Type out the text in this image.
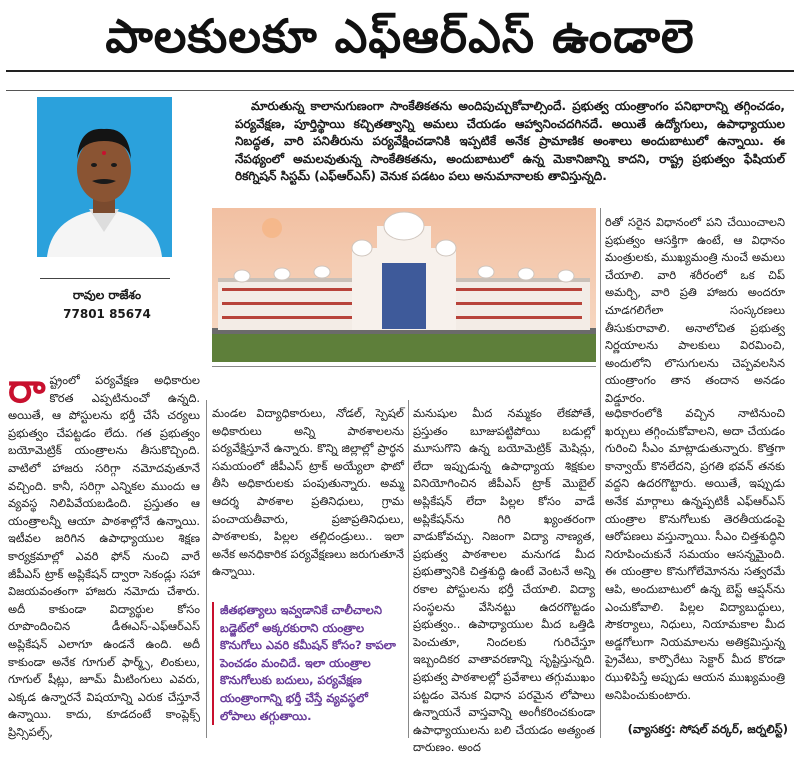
పాలకులకూ ఎఫ్‌ఆర్‌ఎస్ ఉండాలె
రావుల రాజేశం
77801 85674
మారుతున్న కాలానుగుణంగా సాంకేతికతను అందిపుచ్చుకోవాల్సిందే. ప్రభుత్వ యంత్రాంగం పనిభారాన్ని తగ్గించడం, పర్యవేక్షణ, పూర్తిస్థాయి కచ్చితత్వాన్ని అమలు చేయడం ఆహ్వానించదగినదే. అయితే ఉద్యోగులు, ఉపాధ్యాయుల నిబద్ధత, వారి పనితీరును పర్యవేక్షించడానికి ఇప్పటికే అనేక ప్రామాణిక అంశాలు అందుబాటులో ఉన్నాయి. ఈ నేపథ్యంలో అమలవుతున్న సాంకేతికతను, అందుబాటులో ఉన్న మెకానిజాన్ని కాదని, రాష్ట్ర ప్రభుత్వం ఫేషియల్ రికగ్నిషన్ సిస్టమ్ (ఎఫ్‌ఆర్‌ఎస్) వెనుక పడటం పలు అనుమానాలకు తావిస్తున్నది.
రా ష్ట్రంలో పర్యవేక్షణ అధికారుల కొరత ఎప్పటినుంచో ఉన్నది. అయితే, ఆ పోస్టులను భర్తీ చేసే చర్యలు ప్రభుత్వం చేపట్టడం లేదు. గత ప్రభుత్వం బయోమెట్రిక్ యంత్రాలను తీసుకొచ్చింది. వాటిలో హాజరు సరిగ్గా నమోదవుతూనే వచ్చింది. కానీ, సరిగ్గా ఎన్నికల ముందు ఆ వ్యవస్థ నిలిపివేయబడింది. ప్రస్తుతం ఆ యంత్రాలన్నీ ఆయా పాఠశాల్లోనే ఉన్నాయి. ఇటీవల జరిగిన ఉపాధ్యాయుల శిక్షణ కార్యక్రమాల్లో ఎవరి ఫోన్ నుంచి వారే జీపీఎస్ ట్రాక్ అప్లికేషన్ ద్వారా సెకండ్లు సహా విజయవంతంగా హాజరు నమోదు చేశారు. అదీ కాకుండా విద్యార్థుల కోసం రూపొందించిన డీఈఎస్-ఎఫ్‌ఆర్‌ఎస్ అప్లికేషన్ ఎలాగూ ఉండనే ఉంది. అదీ కాకుండా అనేక గూగుల్ ఫార్మ్స్, లింకులు, గూగుల్ షీట్లు, జూమ్ మీటింగులు ఎవరు, ఎక్కడ ఉన్నారనే విషయాన్ని ఎరుక చేస్తూనే ఉన్నాయి. కాదు, కూడదంటే కాంప్లెక్స్ ప్రిన్సిపల్స్,
మండల విద్యాధికారులు, నోడల్, స్పెషల్ అధికారులు అన్ని పాఠశాలలను పర్యవేక్షిస్తూనే ఉన్నారు. కొన్ని జిల్లాల్లో ప్రార్థన సమయంలో జీపీఎస్ ట్రాక్ అయ్యేలా ఫొటో తీసి అధికారులకు పంపుతున్నారు. అమ్మ ఆదర్శ పాఠశాల ప్రతినిధులు, గ్రామ పంచాయతీవారు, ప్రజాప్రతినిధులు, పాఠశాలకు, పిల్లల తల్లిదండ్రులు.. ఇలా అనేక అనధికారిక పర్యవేక్షణలు జరుగుతూనే ఉన్నాయి.
జీతభత్యాలు ఇవ్వడానికే చాలీచాలని బడ్జెట్‌లో అక్కరకురాని యంత్రాల కొనుగోలు ఎవరి కమీషన్ కోసం? కాపలా పెంచడం మంచిదే. ఇలా యంత్రాల కొనుగోలుకు బదులు, పర్యవేక్షణ యంత్రాంగాన్ని భర్తీ చేస్తే వ్యవస్థలో లోపాలు తగ్గుతాయి.
మనుషుల మీద నమ్మకం లేకపోతే, ప్రస్తుతం బూజుపట్టిపోయి బడుల్లో మూసుగొని ఉన్న బయోమెట్రిక్ మెషిన్లు, లేదా ఇప్పుడున్న ఉపాధ్యాయ శిక్షకుల వినియోగించిన జీపీఎస్ ట్రాక్ మొబైల్ అప్లికేషన్ లేదా పిల్లల కోసం వాడే అప్లికేషన్‌ను గిరి ఖ్యంతరంగా వాడుకోవచ్చు. నిజంగా విద్యా నాణ్యత, ప్రభుత్వ పాఠశాలల మనుగడ మీద ప్రభుత్వానికి చిత్తశుద్ధి ఉంటే వెంటనే అన్ని రకాల పోస్టులను భర్తీ చేయాలి. విద్యా సంస్థలను వేసినట్టు ఉదరగొట్టడం ప్రభుత్వం.. ఉపాధ్యాయుల మీద ఒత్తిడి పెంచుతూ, నిందలకు గురిచేస్తూ ఇబ్బందికర వాతావరణాన్ని సృష్టిస్తున్నది. ప్రభుత్వ పాఠశాలల్లో ప్రవేశాలు తగ్గుముఖం పట్టడం వెనుక విధాన పరమైన లోపాలు ఉన్నాయనే వాస్తవాన్ని అంగీకరించకుండా ఉపాధ్యాయులను బలి చేయడం అత్యంత దారుణం. అంద
రితో సరైన విధానంలో పని చేయించాలని ప్రభుత్వం ఆసక్తిగా ఉంటే, ఆ విధానం మంత్రులకు, ముఖ్యమంత్రి నుంచే అమలు చేయాలి. వారి శరీరంలో ఒక చిప్ అమర్చి, వారి ప్రతి హాజరు అందరూ చూడగలిగేలా సంస్కరణలు తీసుకురావాలి. అనాలోచిత ప్రభుత్వ నిర్ణయాలను పాలకులు విరమించి, అందులోని లొసుగులను చెప్పవలసిన యంత్రాంగం తాన తందాన అనడం విడ్డూరం.
అధికారంలోకి వచ్చిన నాటినుంచి ఖర్చులు తగ్గించుకోవాలని, అదా చేయడం గురించి సీఎం మాట్లాడుతున్నారు. కొత్తగా కాన్వాయ్ కొనలేదని, ప్రగతి భవన్ తనకు వద్దని ఉదరగొట్టారు. అయితే, ఇప్పుడు అనేక మార్గాలు ఉన్నప్పటికీ ఎఫ్‌ఆర్‌ఎస్ యంత్రాల కొనుగోలుకు తెరతీయడంపై ఆరోపణలు వస్తున్నాయి. సీఎం చిత్తశుద్ధిని నిరూపించుకునే సమయం ఆసన్నమైంది. ఈ యంత్రాల కొనుగోలేమోనను సత్వరమే ఆపి, అందుబాటులో ఉన్న బెస్ట్ ఆప్షన్‌ను ఎంచుకోవాలి. పిల్లల విద్యాబుద్ధులు, సౌకర్యాలు, నిధులు, నియామకాల మీద అడ్డగోలుగా నియమాలను అతిక్రమిస్తున్న ప్రైవేటు, కార్పొరేటు సెక్టార్ మీద కొరడా ఝుళిపిస్తే అప్పుడు ఆయన ముఖ్యమంత్రి అనిపించుకుంటారు.
(వ్యాసకర్త: సోషల్ వర్కర్, జర్నలిస్ట్)
